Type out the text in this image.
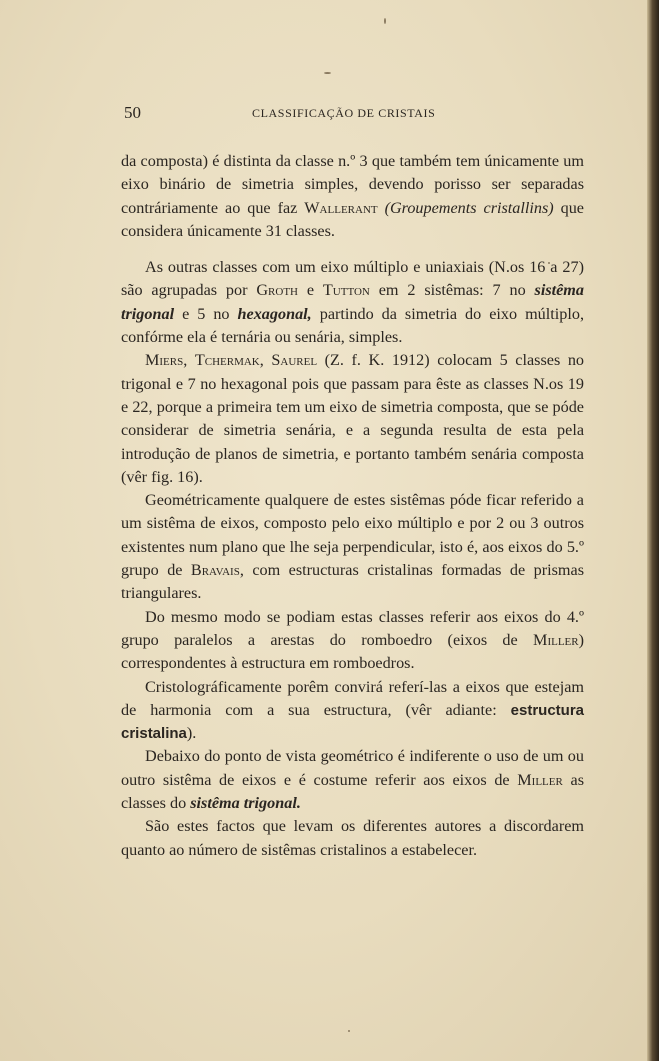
50	CLASSIFICAÇÃO DE CRISTAIS

da composta) é distinta da classe n.º 3 que também tem únicamente um eixo binário de simetria simples, devendo porisso ser separadas contráriamente ao que faz Wallerant (Groupements cristallins) que considera únicamente 31 classes.

As outras classes com um eixo múltiplo e uniaxiais (N.os 16 a 27) são agrupadas por Groth e Tutton em 2 sistêmas: 7 no sistêma trigonal e 5 no hexagonal, partindo da simetria do eixo múltiplo, confórme ela é ternária ou senária, simples.

Miers, Tchermak, Saurel (Z. f. K. 1912) colocam 5 classes no trigonal e 7 no hexagonal pois que passam para êste as classes N.os 19 e 22, porque a primeira tem um eixo de simetria composta, que se póde considerar de simetria senária, e a segunda resulta de esta pela introdução de planos de simetria, e portanto também senária composta (vêr fig. 16).

Geométricamente qualquere de estes sistêmas póde ficar referido a um sistêma de eixos, composto pelo eixo múltiplo e por 2 ou 3 outros existentes num plano que lhe seja perpendicular, isto é, aos eixos do 5.º grupo de Bravais, com estructuras cristalinas formadas de prismas triangulares.

Do mesmo modo se podiam estas classes referir aos eixos do 4.º grupo paralelos a arestas do romboedro (eixos de Miller) correspondentes à estructura em romboedros.

Cristolográficamente porêm convirá referí-las a eixos que estejam de harmonia com a sua estructura, (vêr adiante: estructura cristalina).

Debaixo do ponto de vista geométrico é indiferente o uso de um ou outro sistêma de eixos e é costume referir aos eixos de Miller as classes do sistêma trigonal.

São estes factos que levam os diferentes autores a discordarem quanto ao número de sistêmas cristalinos a estabelecer.
